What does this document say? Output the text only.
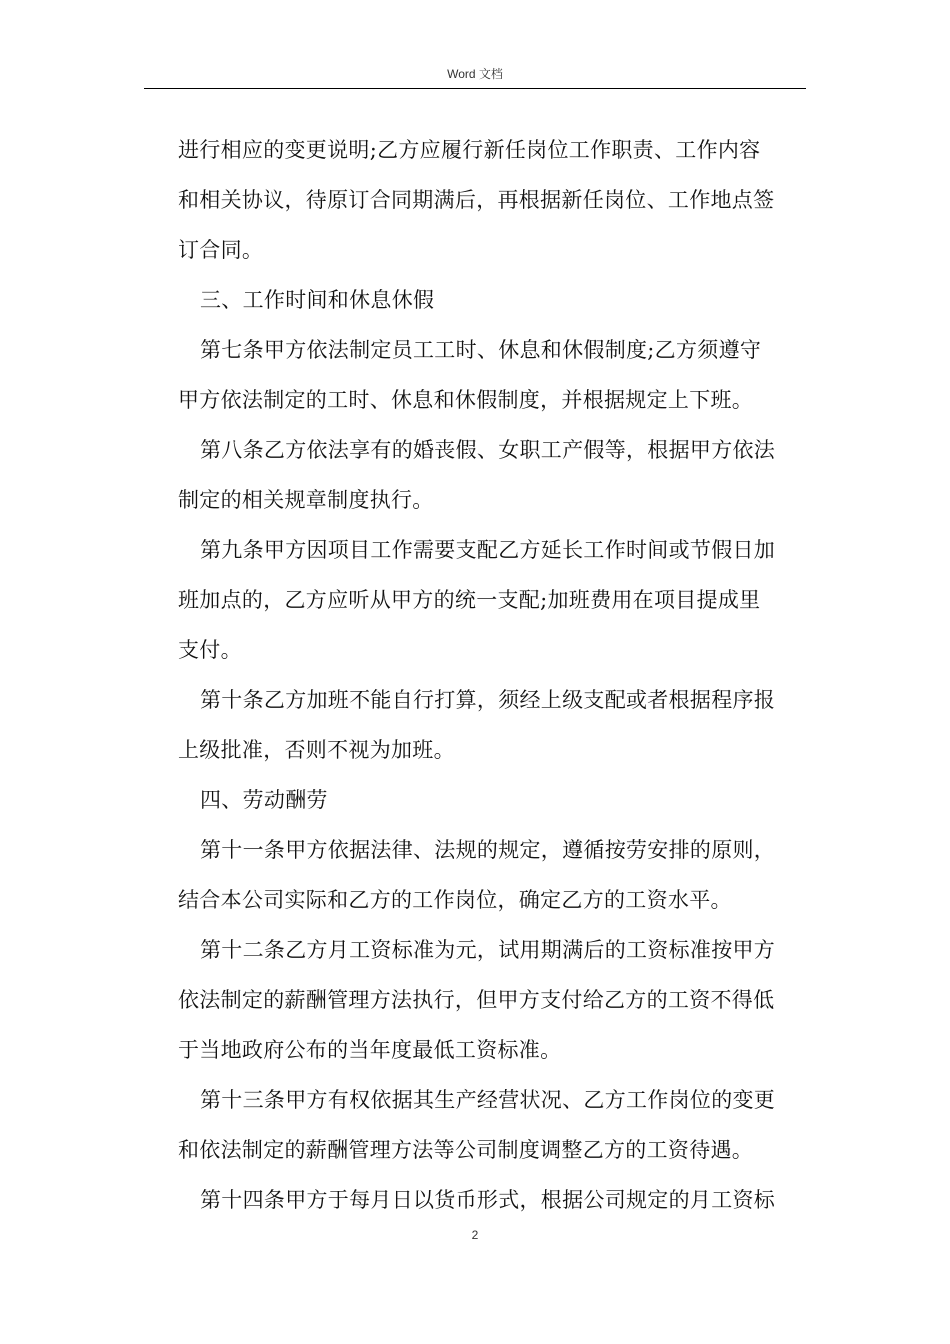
Word 文档
进行相应的变更说明;乙方应履行新任岗位工作职责、工作内容
和相关协议，待原订合同期满后，再根据新任岗位、工作地点签
订合同。
三、工作时间和休息休假
第七条甲方依法制定员工工时、休息和休假制度;乙方须遵守
甲方依法制定的工时、休息和休假制度，并根据规定上下班。
第八条乙方依法享有的婚丧假、女职工产假等，根据甲方依法
制定的相关规章制度执行。
第九条甲方因项目工作需要支配乙方延长工作时间或节假日加
班加点的，乙方应听从甲方的统一支配;加班费用在项目提成里
支付。
第十条乙方加班不能自行打算，须经上级支配或者根据程序报
上级批准，否则不视为加班。
四、劳动酬劳
第十一条甲方依据法律、法规的规定，遵循按劳安排的原则，
结合本公司实际和乙方的工作岗位，确定乙方的工资水平。
第十二条乙方月工资标准为元，试用期满后的工资标准按甲方
依法制定的薪酬管理方法执行，但甲方支付给乙方的工资不得低
于当地政府公布的当年度最低工资标准。
第十三条甲方有权依据其生产经营状况、乙方工作岗位的变更
和依法制定的薪酬管理方法等公司制度调整乙方的工资待遇。
第十四条甲方于每月日以货币形式，根据公司规定的月工资标
2
